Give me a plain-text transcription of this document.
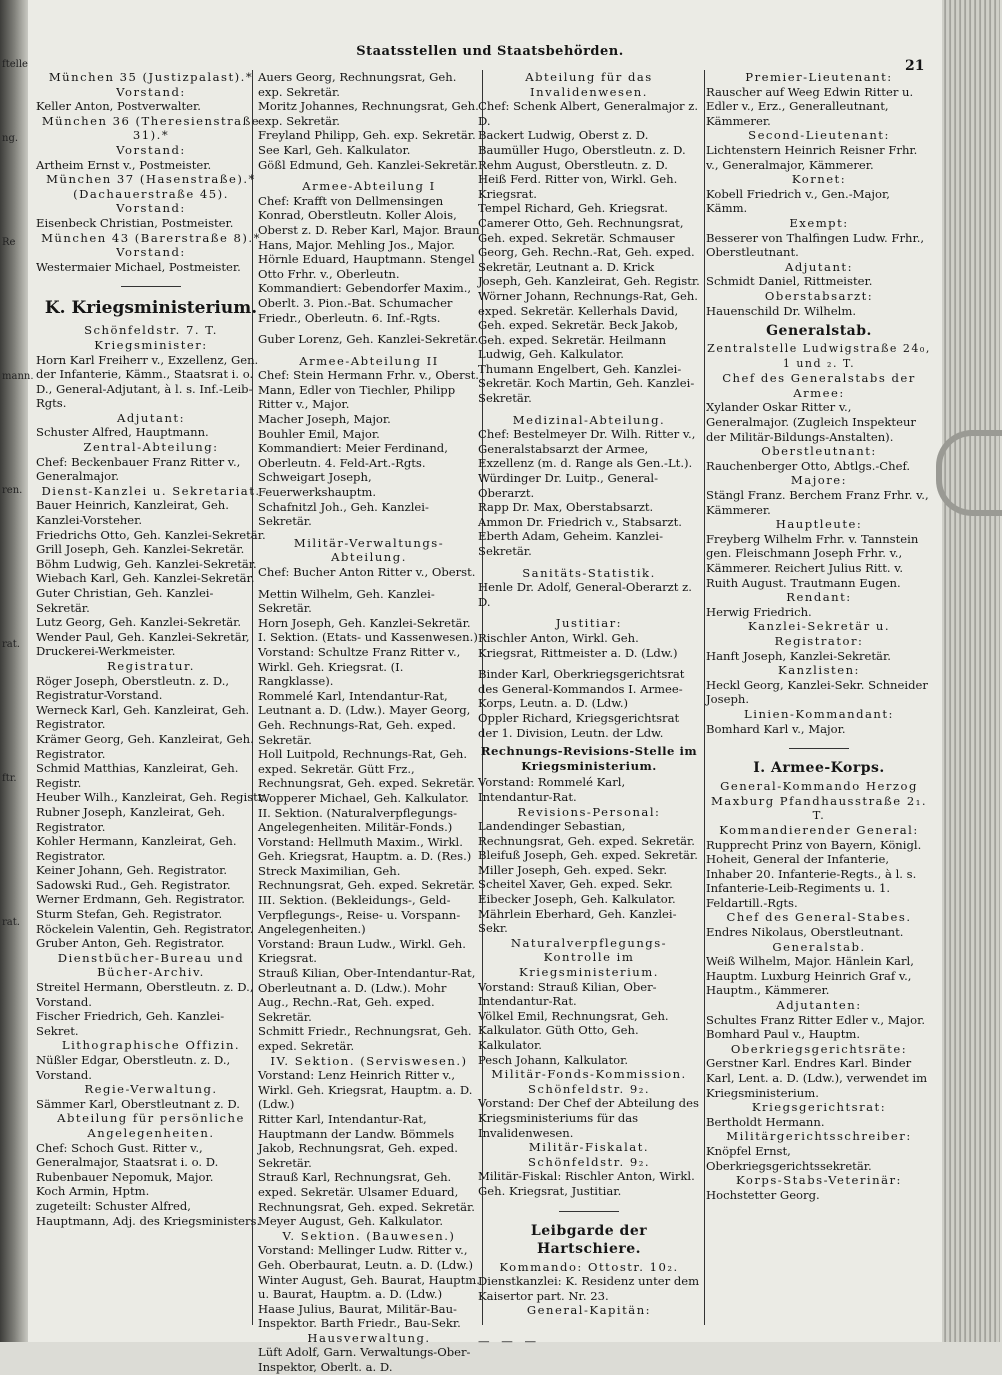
ftelle
ng.
Re
mann.
ren.
rat.
ftr.
rat.
Staatsstellen und Staatsbehörden.
21

München 35 (Justizpalast).*

Vorstand:

Keller Anton, Postverwalter.

München 36 (Theresienstraße 31).*

Vorstand:

Artheim Ernst v., Postmeister.

München 37 (Hasenstraße).*

(Dachauerstraße 45).

Vorstand:

Eisenbeck Christian, Postmeister.

München 43 (Barerstraße 8).*

Vorstand:

Westermaier Michael, Postmeister.

K. Kriegsministerium.

Schönfeldstr. 7. T.

Kriegsminister:

Horn Karl Freiherr v., Exzellenz, Gen. der Infanterie, Kämm., Staatsrat i. o. D., General-Adjutant, à l. s. Inf.-Leib-Rgts.

Adjutant:

Schuster Alfred, Hauptmann.

Zentral-Abteilung:

Chef: Beckenbauer Franz Ritter v., Generalmajor.

Dienst-Kanzlei u. Sekretariat.

Bauer Heinrich, Kanzleirat, Geh. Kanzlei-Vorsteher.

Friedrichs Otto, Geh. Kanzlei-Sekretär.

Grill Joseph, Geh. Kanzlei-Sekretär.

Böhm Ludwig, Geh. Kanzlei-Sekretär.

Wiebach Karl, Geh. Kanzlei-Sekretär.

Guter Christian, Geh. Kanzlei-Sekretär.

Lutz Georg, Geh. Kanzlei-Sekretär.

Wender Paul, Geh. Kanzlei-Sekretär, Druckerei-Werkmeister.

Registratur.

Röger Joseph, Oberstleutn. z. D., Registratur-Vorstand.

Werneck Karl, Geh. Kanzleirat, Geh. Registrator.

Krämer Georg, Geh. Kanzleirat, Geh. Registrator.

Schmid Matthias, Kanzleirat, Geh. Registr.

Heuber Wilh., Kanzleirat, Geh. Registr.

Rubner Joseph, Kanzleirat, Geh. Registrator.

Kohler Hermann, Kanzleirat, Geh. Registrator.

Keiner Johann, Geh. Registrator.

Sadowski Rud., Geh. Registrator.

Werner Erdmann, Geh. Registrator.

Sturm Stefan, Geh. Registrator.

Röckelein Valentin, Geh. Registrator.

Gruber Anton, Geh. Registrator.

Dienstbücher-Bureau und Bücher-Archiv.

Streitel Hermann, Oberstleutn. z. D., Vorstand.

Fischer Friedrich, Geh. Kanzlei-Sekret.

Lithographische Offizin.

Nüßler Edgar, Oberstleutn. z. D., Vorstand.

Regie-Verwaltung.

Sämmer Karl, Oberstleutnant z. D.

Abteilung für persönliche Angelegenheiten.

Chef: Schoch Gust. Ritter v., Generalmajor, Staatsrat i. o. D.

Rubenbauer Nepomuk, Major.

Koch Armin, Hptm.

zugeteilt: Schuster Alfred, Hauptmann, Adj. des Kriegsministers.

Auers Georg, Rechnungsrat, Geh. exp. Sekretär.

Moritz Johannes, Rechnungsrat, Geh. exp. Sekretär.

Freyland Philipp, Geh. exp. Sekretär.

See Karl, Geh. Kalkulator.

Gößl Edmund, Geh. Kanzlei-Sekretär.

Armee-Abteilung I

Chef: Krafft von Dellmensingen Konrad, Oberstleutn. Koller Alois, Oberst z. D. Reber Karl, Major. Braun Hans, Major. Mehling Jos., Major. Hörnle Eduard, Hauptmann. Stengel Otto Frhr. v., Oberleutn. Kommandiert: Gebendorfer Maxim., Oberlt. 3. Pion.-Bat. Schumacher Friedr., Oberleutn. 6. Inf.-Rgts.

Guber Lorenz, Geh. Kanzlei-Sekretär.

Armee-Abteilung II

Chef: Stein Hermann Frhr. v., Oberst. Mann, Edler von Tiechler, Philipp Ritter v., Major.

Macher Joseph, Major.

Bouhler Emil, Major.

Kommandiert: Meier Ferdinand, Oberleutn. 4. Feld-Art.-Rgts.

Schweigart Joseph, Feuerwerkshauptm.

Schafnitzl Joh., Geh. Kanzlei-Sekretär.

Militär-Verwaltungs-Abteilung.

Chef: Bucher Anton Ritter v., Oberst.

Mettin Wilhelm, Geh. Kanzlei-Sekretär.

Horn Joseph, Geh. Kanzlei-Sekretär.

I. Sektion. (Etats- und Kassenwesen.)

Vorstand: Schultze Franz Ritter v., Wirkl. Geh. Kriegsrat. (I. Rangklasse).

Rommelé Karl, Intendantur-Rat, Leutnant a. D. (Ldw.). Mayer Georg, Geh. Rechnungs-Rat, Geh. exped. Sekretär.

Holl Luitpold, Rechnungs-Rat, Geh. exped. Sekretär. Gütt Frz., Rechnungsrat, Geh. exped. Sekretär. Wopperer Michael, Geh. Kalkulator.

II. Sektion. (Naturalverpflegungs-Angelegenheiten. Militär-Fonds.)

Vorstand: Hellmuth Maxim., Wirkl. Geh. Kriegsrat, Hauptm. a. D. (Res.)

Streck Maximilian, Geh. Rechnungsrat, Geh. exped. Sekretär.

III. Sektion. (Bekleidungs-, Geld-Verpflegungs-, Reise- u. Vorspann-Angelegenheiten.)

Vorstand: Braun Ludw., Wirkl. Geh. Kriegsrat.

Strauß Kilian, Ober-Intendantur-Rat, Oberleutnant a. D. (Ldw.). Mohr Aug., Rechn.-Rat, Geh. exped. Sekretär.

Schmitt Friedr., Rechnungsrat, Geh. exped. Sekretär.

IV. Sektion. (Serviswesen.)

Vorstand: Lenz Heinrich Ritter v., Wirkl. Geh. Kriegsrat, Hauptm. a. D. (Ldw.)

Ritter Karl, Intendantur-Rat, Hauptmann der Landw. Bömmels Jakob, Rechnungsrat, Geh. exped. Sekretär.

Strauß Karl, Rechnungsrat, Geh. exped. Sekretär. Ulsamer Eduard, Rechnungsrat, Geh. exped. Sekretär.

Meyer August, Geh. Kalkulator.

V. Sektion. (Bauwesen.)

Vorstand: Mellinger Ludw. Ritter v., Geh. Oberbaurat, Leutn. a. D. (Ldw.)

Winter August, Geh. Baurat, Hauptm. u. Baurat, Hauptm. a. D. (Ldw.)

Haase Julius, Baurat, Militär-Bau-Inspektor. Barth Friedr., Bau-Sekr.

Hausverwaltung.

Lüft Adolf, Garn. Verwaltungs-Ober-Inspektor, Oberlt. a. D.

Abteilung für das Invalidenwesen.

Chef: Schenk Albert, Generalmajor z. D.

Backert Ludwig, Oberst z. D. Baumüller Hugo, Oberstleutn. z. D. Rehm August, Oberstleutn. z. D. Heiß Ferd. Ritter von, Wirkl. Geh. Kriegsrat.

Tempel Richard, Geh. Kriegsrat.

Camerer Otto, Geh. Rechnungsrat, Geh. exped. Sekretär. Schmauser Georg, Geh. Rechn.-Rat, Geh. exped. Sekretär, Leutnant a. D. Krick Joseph, Geh. Kanzleirat, Geh. Registr.

Wörner Johann, Rechnungs-Rat, Geh. exped. Sekretär. Kellerhals David, Geh. exped. Sekretär. Beck Jakob, Geh. exped. Sekretär. Heilmann Ludwig, Geh. Kalkulator.

Thumann Engelbert, Geh. Kanzlei-Sekretär. Koch Martin, Geh. Kanzlei-Sekretär.

Medizinal-Abteilung.

Chef: Bestelmeyer Dr. Wilh. Ritter v., Generalstabsarzt der Armee, Exzellenz (m. d. Range als Gen.-Lt.).

Würdinger Dr. Luitp., General-Oberarzt.

Rapp Dr. Max, Oberstabsarzt.

Ammon Dr. Friedrich v., Stabsarzt.

Eberth Adam, Geheim. Kanzlei-Sekretär.

Sanitäts-Statistik.

Henle Dr. Adolf, General-Oberarzt z. D.

Justitiar:

Rischler Anton, Wirkl. Geh. Kriegsrat, Rittmeister a. D. (Ldw.)

Binder Karl, Oberkriegsgerichtsrat des General-Kommandos I. Armee-Korps, Leutn. a. D. (Ldw.)

Oppler Richard, Kriegsgerichtsrat der 1. Division, Leutn. der Ldw.

Rechnungs-Revisions-Stelle im Kriegsministerium.

Vorstand: Rommelé Karl, Intendantur-Rat.

Revisions-Personal:

Landendinger Sebastian, Rechnungsrat, Geh. exped. Sekretär.

Bleifuß Joseph, Geh. exped. Sekretär.

Miller Joseph, Geh. exped. Sekr.

Scheitel Xaver, Geh. exped. Sekr.

Eibecker Joseph, Geh. Kalkulator.

Mährlein Eberhard, Geh. Kanzlei-Sekr.

Naturalverpflegungs-Kontrolle im Kriegsministerium.

Vorstand: Strauß Kilian, Ober-Intendantur-Rat.

Völkel Emil, Rechnungsrat, Geh. Kalkulator. Güth Otto, Geh. Kalkulator.

Pesch Johann, Kalkulator.

Militär-Fonds-Kommission.

Schönfeldstr. 9₂.

Vorstand: Der Chef der Abteilung des Kriegsministeriums für das Invalidenwesen.

Militär-Fiskalat.

Schönfeldstr. 9₂.

Militär-Fiskal: Rischler Anton, Wirkl. Geh. Kriegsrat, Justitiar.

Leibgarde der Hartschiere.

Kommando: Ottostr. 10₂.

Dienstkanzlei: K. Residenz unter dem Kaisertor part. Nr. 23.

General-Kapitän:

— — —

Premier-Lieutenant:

Rauscher auf Weeg Edwin Ritter u. Edler v., Erz., Generalleutnant, Kämmerer.

Second-Lieutenant:

Lichtenstern Heinrich Reisner Frhr. v., Generalmajor, Kämmerer.

Kornet:

Kobell Friedrich v., Gen.-Major, Kämm.

Exempt:

Besserer von Thalfingen Ludw. Frhr., Oberstleutnant.

Adjutant:

Schmidt Daniel, Rittmeister.

Oberstabsarzt:

Hauenschild Dr. Wilhelm.

Generalstab.

Zentralstelle Ludwigstraße 24₀, 1 und ₂. T.

Chef des Generalstabs der Armee:

Xylander Oskar Ritter v., Generalmajor. (Zugleich Inspekteur der Militär-Bildungs-Anstalten).

Oberstleutnant:

Rauchenberger Otto, Abtlgs.-Chef.

Majore:

Stängl Franz. Berchem Franz Frhr. v., Kämmerer.

Hauptleute:

Freyberg Wilhelm Frhr. v. Tannstein gen. Fleischmann Joseph Frhr. v., Kämmerer. Reichert Julius Ritt. v. Ruith August. Trautmann Eugen.

Rendant:

Herwig Friedrich.

Kanzlei-Sekretär u. Registrator:

Hanft Joseph, Kanzlei-Sekretär.

Kanzlisten:

Heckl Georg, Kanzlei-Sekr. Schneider Joseph.

Linien-Kommandant:

Bomhard Karl v., Major.

I. Armee-Korps.

General-Kommando Herzog Maxburg Pfandhausstraße 2₁. T.

Kommandierender General:

Rupprecht Prinz von Bayern, Königl. Hoheit, General der Infanterie, Inhaber 20. Infanterie-Regts., à l. s. Infanterie-Leib-Regiments u. 1. Feldartill.-Rgts.

Chef des General-Stabes.

Endres Nikolaus, Oberstleutnant.

Generalstab.

Weiß Wilhelm, Major. Hänlein Karl, Hauptm. Luxburg Heinrich Graf v., Hauptm., Kämmerer.

Adjutanten:

Schultes Franz Ritter Edler v., Major.

Bomhard Paul v., Hauptm.

Oberkriegsgerichtsräte:

Gerstner Karl. Endres Karl. Binder Karl, Lent. a. D. (Ldw.), verwendet im Kriegsministerium.

Kriegsgerichtsrat:

Bertholdt Hermann.

Militärgerichtsschreiber:

Knöpfel Ernst, Oberkriegsgerichtssekretär.

Korps-Stabs-Veterinär:

Hochstetter Georg.
